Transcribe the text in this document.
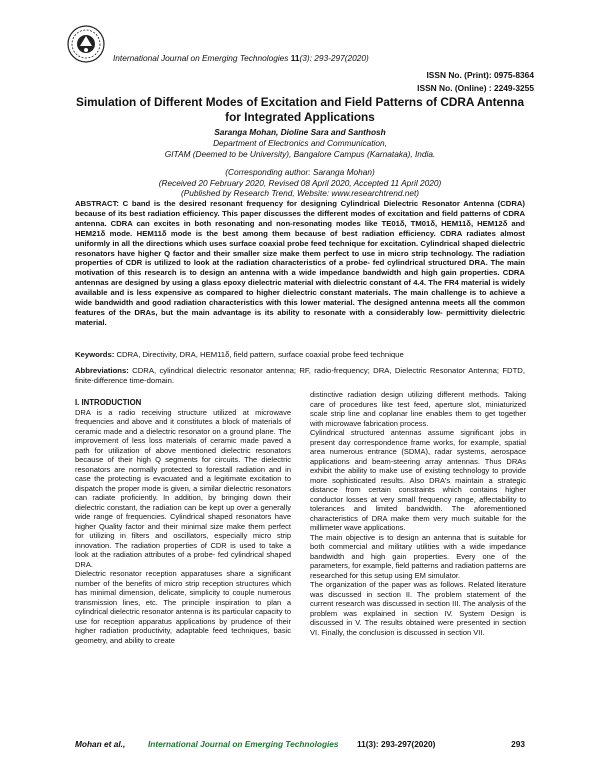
International Journal on Emerging Technologies 11(3): 293-297(2020)
ISSN No. (Print): 0975-8364
ISSN No. (Online) : 2249-3255
Simulation of Different Modes of Excitation and Field Patterns of CDRA Antenna
for Integrated Applications
Saranga Mohan, Dioline Sara and Santhosh
Department of Electronics and Communication,
GITAM (Deemed to be University), Bangalore Campus (Karnataka), India.
(Corresponding author: Saranga Mohan)
(Received 20 February 2020, Revised 08 April 2020, Accepted 11 April 2020)
(Published by Research Trend, Website: www.researchtrend.net)

ABSTRACT: C band is the desired resonant frequency for designing Cylindrical Dielectric Resonator Antenna (CDRA) because of its best radiation efficiency. This paper discusses the different modes of excitation and field patterns of CDRA antenna. CDRA can excites in both resonating and non-resonating modes like TE01δ, TM01δ, HEM11δ, HEM12δ and HEM21δ mode. HEM11δ mode is the best among them because of best radiation efficiency. CDRA radiates almost uniformly in all the directions which uses surface coaxial probe feed technique for excitation. Cylindrical shaped dielectric resonators have higher Q factor and their smaller size make them perfect to use in micro strip technology. The radiation properties of CDR is utilized to look at the radiation characteristics of a probe- fed cylindrical structured DRA. The main motivation of this research is to design an antenna with a wide impedance bandwidth and high gain properties. CDRA antennas are designed by using a glass epoxy dielectric material with dielectric constant of 4.4. The FR4 material is widely available and is less expensive as compared to higher dielectric constant materials. The main challenge is to achieve a wide bandwidth and good radiation characteristics with this lower material. The designed antenna meets all the common features of the DRAs, but the main advantage is its ability to resonate with a considerably low- permittivity dielectric material.

Keywords: CDRA, Directivity, DRA, HEM11δ, field pattern, surface coaxial probe feed technique

Abbreviations: CDRA, cylindrical dielectric resonator antenna; RF, radio-frequency; DRA, Dielectric Resonator Antenna; FDTD, finite-difference time-domain.

I. INTRODUCTION

DRA is a radio receiving structure utilized at microwave frequencies and above and it constitutes a block of materials of ceramic made and a dielectric resonator on a ground plane. The improvement of less loss materials of ceramic made paved a path for utilization of above mentioned dielectric resonators because of their high Q segments for circuits. The dielectric resonators are normally protected to forestall radiation and in case the protecting is evacuated and a legitimate excitation to dispatch the proper mode is given, a similar dielectric resonators can radiate proficiently. In addition, by bringing down their dielectric constant, the radiation can be kept up over a generally wide range of frequencies. Cylindrical shaped resonators have higher Quality factor and their minimal size make them perfect for utilizing in filters and oscillators, especially micro strip innovation. The radiation properties of CDR is used to take a look at the radiation attributes of a probe- fed cylindrical shaped DRA.

Dielectric resonator reception apparatuses share a significant number of the benefits of micro strip reception structures which has minimal dimension, delicate, simplicity to couple numerous transmission lines, etc. The principle inspiration to plan a cylindrical dielectric resonator antenna is its particular capacity to use for reception apparatus applications by prudence of their higher radiation productivity, adaptable feed techniques, basic geometry, and ability to create

distinctive radiation design utilizing different methods. Taking care of procedures like test feed, aperture slot, miniaturized scale strip line and coplanar line enables them to get together with microwave fabrication process.

Cylindrical structured antennas assume significant jobs in present day correspondence frame works, for example, spatial area numerous entrance (SDMA), radar systems, aerospace applications and beam-steering array antennas. Thus DRAs exhibit the ability to make use of existing technology to provide more sophisticated results. Also DRA's maintain a strategic distance from certain constraints which contains higher conductor losses at very small frequency range, affectability to tolerances and limited bandwidth. The aforementioned characteristics of DRA make them very much suitable for the millimeter wave applications.

The main objective is to design an antenna that is suitable for both commercial and military utilities with a wide impedance bandwidth and high gain properties. Every one of the parameters, for example, field patterns and radiation patterns are researched for this setup using EM simulator.

The organization of the paper was as follows. Related literature was discussed in section II. The problem statement of the current research was discussed in section III. The analysis of the problem was explained in section IV. System Design is discussed in V. The results obtained were presented in section VI. Finally, the conclusion is discussed in section VII.

Mohan et al.,	International Journal on Emerging Technologies 11(3): 293-297(2020)	293
